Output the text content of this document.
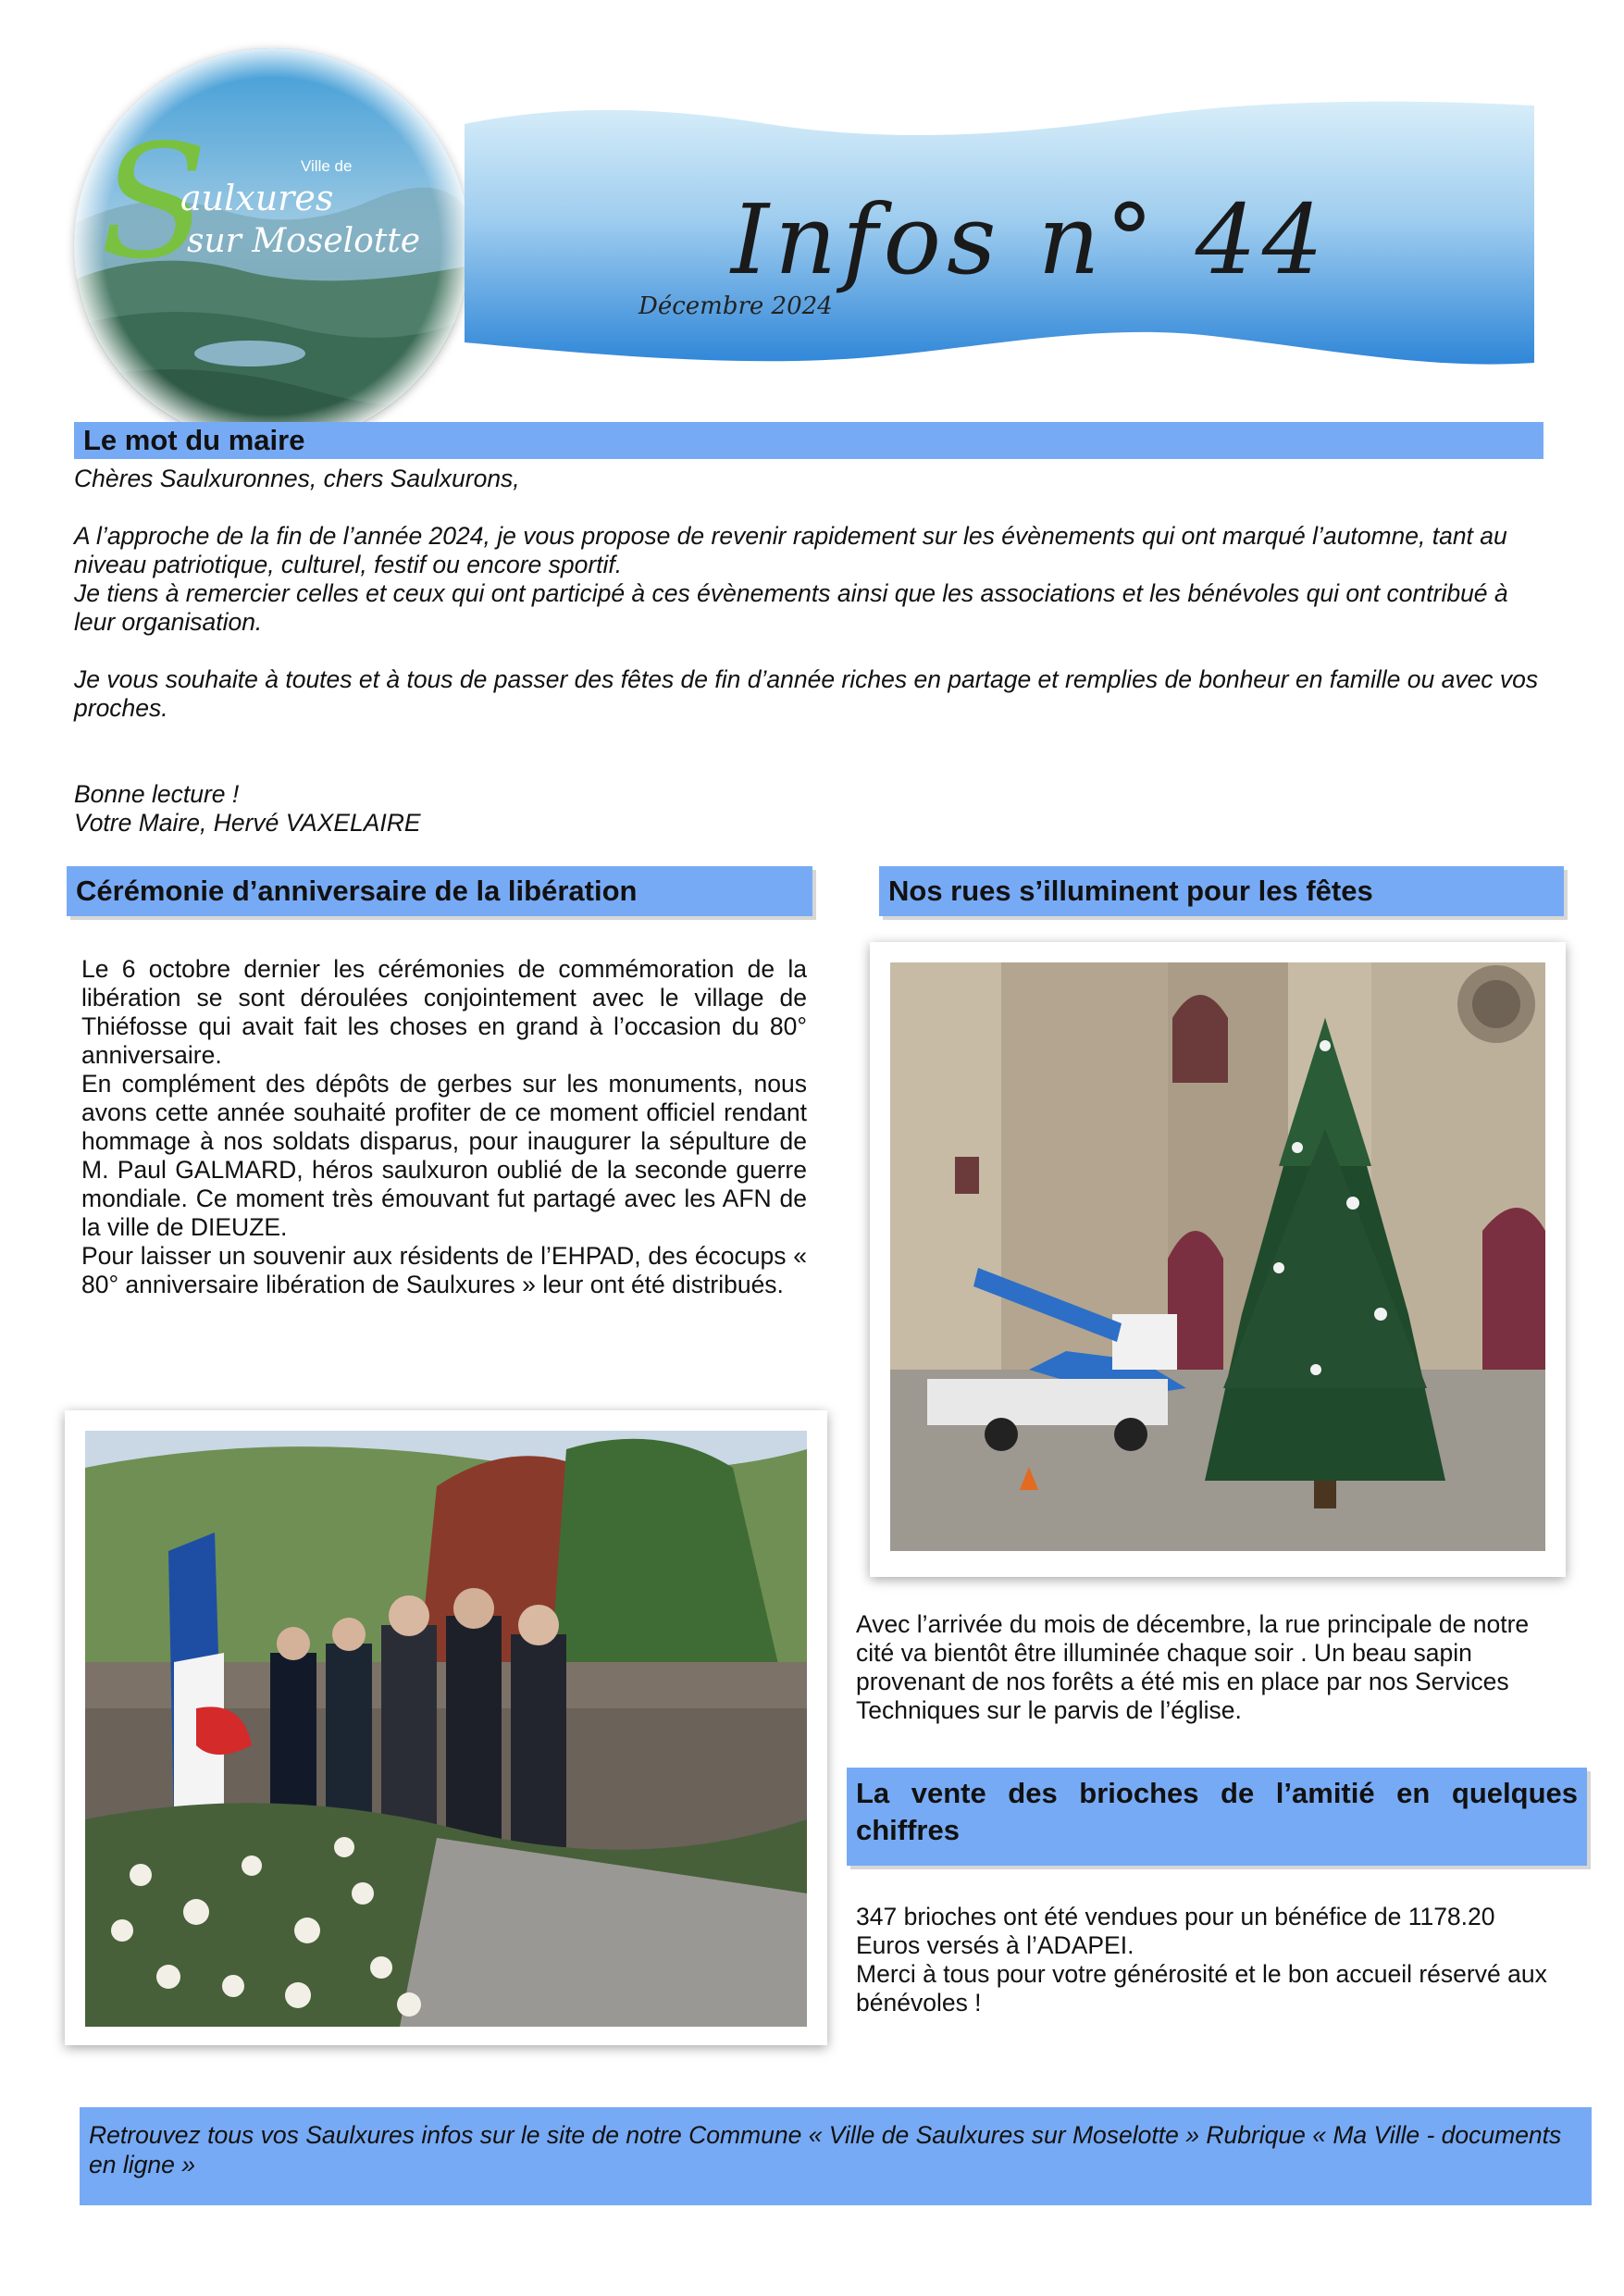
Ville de
S
aulxures
sur Moselotte	Infos n° 44
Décembre 2024
Le mot du maire

Chères Saulxuronnes, chers Saulxurons,

A l’approche de la fin de l’année 2024, je vous propose de revenir rapidement sur les évènements qui ont marqué l’automne, tant au niveau patriotique, culturel, festif ou encore sportif.

Je tiens à remercier celles et ceux qui ont participé à ces évènements ainsi que les associations et les bénévoles qui ont contribué à leur organisation.

Je vous souhaite à toutes et à tous de passer des fêtes de fin d’année riches en partage et remplies de bonheur en famille ou avec vos proches.

Bonne lecture !

Votre Maire, Hervé VAXELAIRE

Cérémonie d’anniversaire de la libération

Le 6 octobre dernier les cérémonies de commémoration de la libération se sont déroulées conjointement avec le village de Thiéfosse qui avait fait les choses en grand à l’occasion du 80° anniversaire.

En complément des dépôts de gerbes sur les monuments, nous avons cette année souhaité profiter de ce moment officiel rendant hommage à nos soldats disparus, pour inaugurer la sépulture de M. Paul GALMARD, héros saulxuron oublié de la seconde guerre mondiale. Ce moment très émouvant fut partagé avec les AFN de la ville de DIEUZE.

Pour laisser un souvenir aux résidents de l’EHPAD, des écocups « 80° anniversaire libération de Saulxures » leur ont été distribués.

Nos rues s’illuminent pour les fêtes
Avec l’arrivée du mois de décembre, la rue principale de notre cité va bientôt être illuminée chaque soir . Un beau sapin provenant de nos forêts a été mis en place par nos Services Techniques sur le parvis de l’église.
La vente des brioches de l’amitié en quelques chiffres

347 brioches ont été vendues pour un bénéfice de 1178.20 Euros versés à l’ADAPEI.

Merci à tous pour votre générosité et le bon accueil réservé aux bénévoles !

Retrouvez tous vos Saulxures infos sur le site de notre Commune « Ville de Saulxures sur Moselotte » Rubrique « Ma Ville - documents en ligne »
